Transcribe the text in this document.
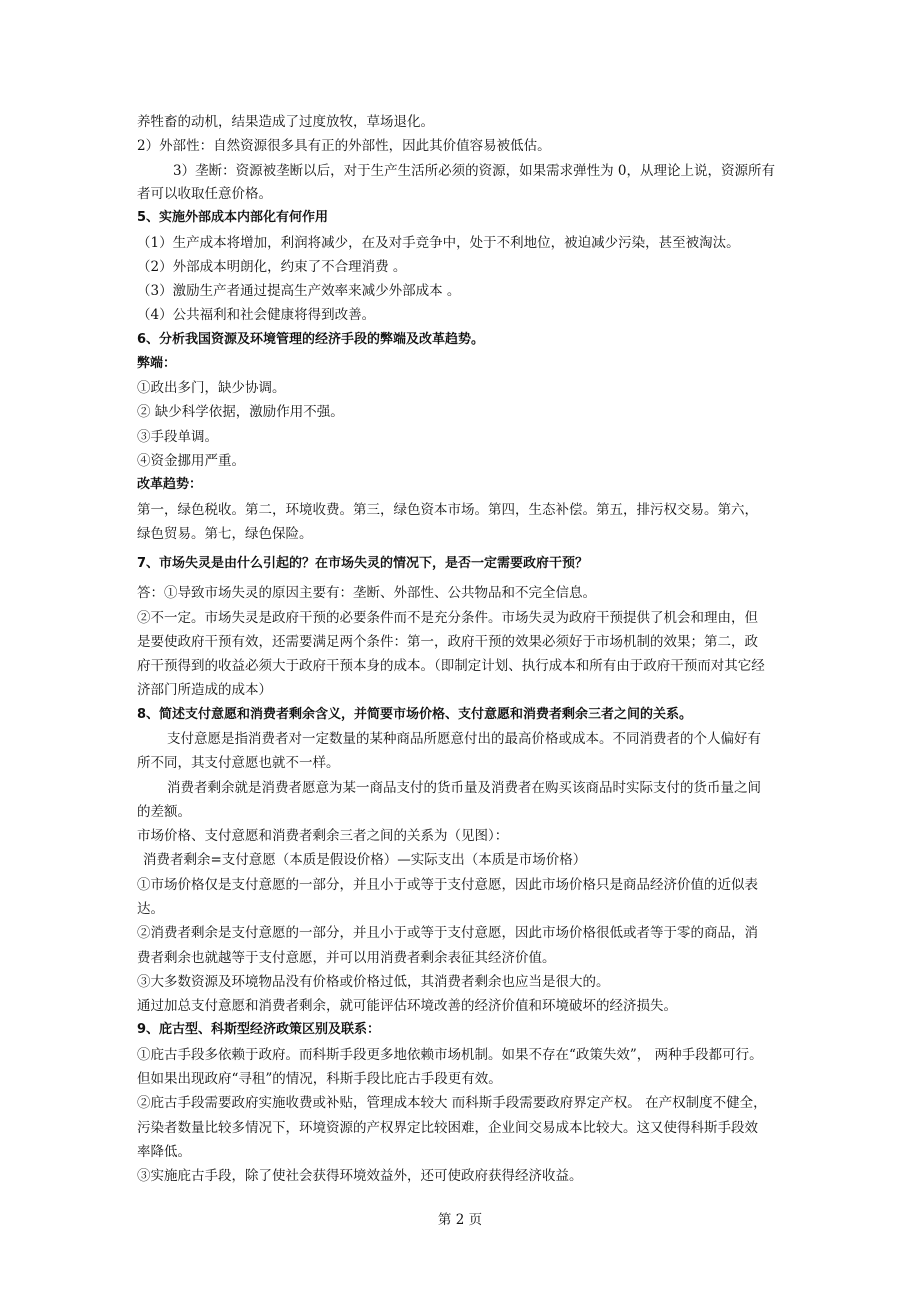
养牲畜的动机，结果造成了过度放牧，草场退化。
2）外部性：自然资源很多具有正的外部性，因此其价值容易被低估。
3）垄断：资源被垄断以后，对于生产生活所必须的资源，如果需求弹性为 0，从理论上说，资源所有
者可以收取任意价格。
5、实施外部成本内部化有何作用
（1）生产成本将增加，利润将减少，在及对手竞争中，处于不利地位，被迫减少污染，甚至被淘汰。
（2）外部成本明朗化，约束了不合理消费 。
（3）激励生产者通过提高生产效率来减少外部成本 。
（4）公共福利和社会健康将得到改善。
6、分析我国资源及环境管理的经济手段的弊端及改革趋势。
弊端：
①政出多门，缺少协调。
② 缺少科学依据，激励作用不强。
③手段单调。
④资金挪用严重。
改革趋势：
第一，绿色税收。第二，环境收费。第三，绿色资本市场。第四，生态补偿。第五，排污权交易。第六，
绿色贸易。第七，绿色保险。
7、市场失灵是由什么引起的？在市场失灵的情况下，是否一定需要政府干预？
答：①导致市场失灵的原因主要有：垄断、外部性、公共物品和不完全信息。
②不一定。市场失灵是政府干预的必要条件而不是充分条件。市场失灵为政府干预提供了机会和理由，但
是要使政府干预有效，还需要满足两个条件：第一，政府干预的效果必须好于市场机制的效果；第二，政
府干预得到的收益必须大于政府干预本身的成本。（即制定计划、执行成本和所有由于政府干预而对其它经
济部门所造成的成本）
8、简述支付意愿和消费者剩余含义，并简要市场价格、支付意愿和消费者剩余三者之间的关系。
支付意愿是指消费者对一定数量的某种商品所愿意付出的最高价格或成本。不同消费者的个人偏好有
所不同，其支付意愿也就不一样。
消费者剩余就是消费者愿意为某一商品支付的货币量及消费者在购买该商品时实际支付的货币量之间
的差额。
市场价格、支付意愿和消费者剩余三者之间的关系为（见图）：
消费者剩余=支付意愿（本质是假设价格）—实际支出（本质是市场价格）
①市场价格仅是支付意愿的一部分，并且小于或等于支付意愿，因此市场价格只是商品经济价值的近似表
达。
②消费者剩余是支付意愿的一部分，并且小于或等于支付意愿，因此市场价格很低或者等于零的商品，消
费者剩余也就越等于支付意愿，并可以用消费者剩余表征其经济价值。
③大多数资源及环境物品没有价格或价格过低，其消费者剩余也应当是很大的。
通过加总支付意愿和消费者剩余，就可能评估环境改善的经济价值和环境破坏的经济损失。
9、庇古型、科斯型经济政策区别及联系：
①庇古手段多依赖于政府。而科斯手段更多地依赖市场机制。如果不存在“政策失效”， 两种手段都可行。
但如果出现政府“寻租”的情况，科斯手段比庇古手段更有效。
②庇古手段需要政府实施收费或补贴，管理成本较大 而科斯手段需要政府界定产权。 在产权制度不健全，
污染者数量比较多情况下，环境资源的产权界定比较困难，企业间交易成本比较大。这又使得科斯手段效
率降低。
③实施庇古手段，除了使社会获得环境效益外，还可使政府获得经济收益。
第 2 页
